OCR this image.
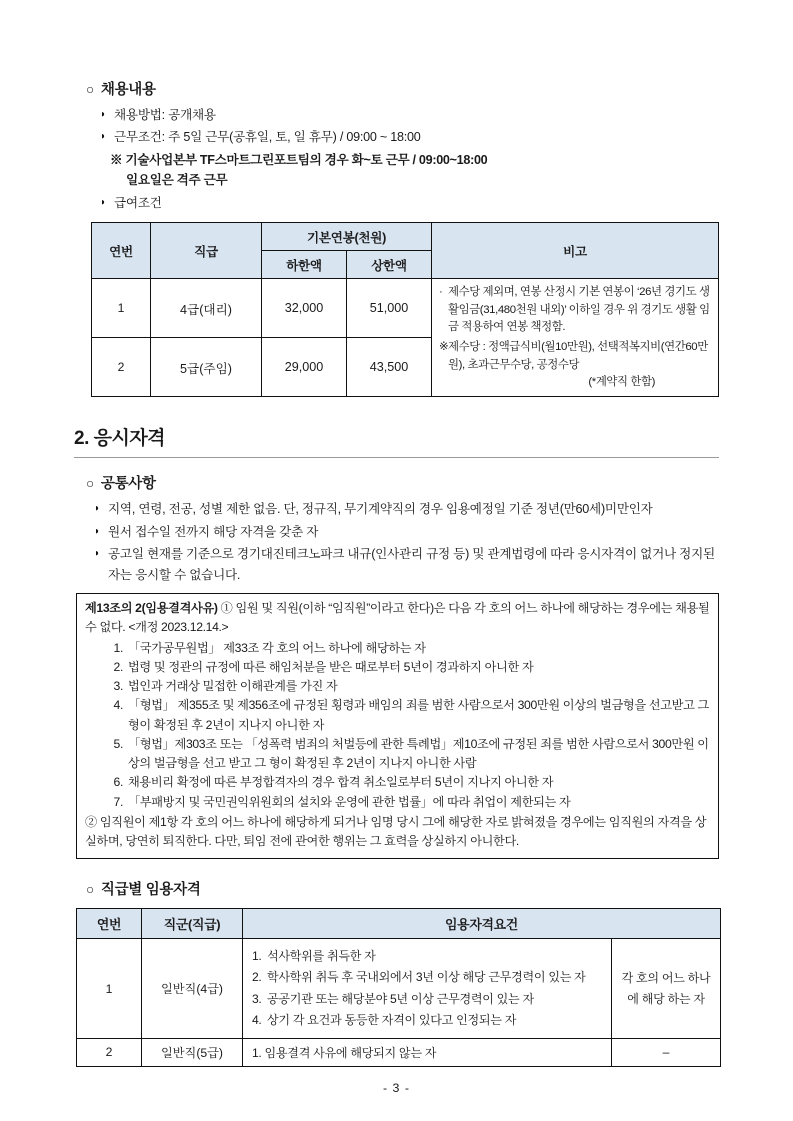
○ 채용내용
◗ 채용방법: 공개채용
◗ 근무조건: 주 5일 근무(공휴일, 토, 일 휴무) / 09:00 ~ 18:00
※ 기술사업본부 TF스마트그린포트팀의 경우 화~토 근무 / 09:00~18:00
일요일은 격주 근무
◗ 급여조건
연번	직급	기본연봉(천원)		비고
		하한액	상한액	
1	4급(대리)	32,000	51,000	· 제수당 제외며, 연봉 산정시 기본 연봉이 ‘26년 경기도 생활임금(31,480천원 내외)’ 이하일 경우 위 경기도 생활 임금 적용하여 연봉 책정함.
※ 제수당 : 정액급식비(월10만원), 선택적복지비(연간60만원), 초과근무수당, 공정수당
(*계약직 한함)

2	5급(주임)	29,000	43,500	
2. 응시자격
○ 공통사항
◗ 지역, 연령, 전공, 성별 제한 없음. 단, 정규직, 무기계약직의 경우 임용예정일 기준 정년(만60세)미만인자
◗ 원서 접수일 전까지 해당 자격을 갖춘 자
◗ 공고일 현재를 기준으로 경기대진테크노파크 내규(인사관리 규정 등) 및 관계법령에 따라 응시자격이 없거나 정지된 자는 응시할 수 없습니다.
제13조의 2(임용결격사유) ① 임원 및 직원(이하 “임직원”이라고 한다)은 다음 각 호의 어느 하나에 해당하는 경우에는 채용될 수 없다. <개정 2023.12.14.>
1. 「국가공무원법」 제33조 각 호의 어느 하나에 해당하는 자
2. 법령 및 정관의 규정에 따른 해임처분을 받은 때로부터 5년이 경과하지 아니한 자
3. 법인과 거래상 밀접한 이해관계를 가진 자
4. 「형법」 제355조 및 제356조에 규정된 횡령과 배임의 죄를 범한 사람으로서 300만원 이상의 벌금형을 선고받고 그 형이 확정된 후 2년이 지나지 아니한 자
5. 「형법」제303조 또는 「성폭력 범죄의 처벌등에 관한 특례법」제10조에 규정된 죄를 범한 사람으로서 300만원 이상의 벌금형을 선고 받고 그 형이 확정된 후 2년이 지나지 아니한 사람
6. 채용비리 확정에 따른 부정합격자의 경우 합격 취소일로부터 5년이 지나지 아니한 자
7. 「부패방지 및 국민권익위원회의 설치와 운영에 관한 법률」에 따라 취업이 제한되는 자
② 임직원이 제1항 각 호의 어느 하나에 해당하게 되거나 임명 당시 그에 해당한 자로 밝혀졌을 경우에는 임직원의 자격을 상실하며, 당연히 퇴직한다. 다만, 퇴임 전에 관여한 행위는 그 효력을 상실하지 아니한다.
○ 직급별 임용자격
연번	직군(직급)	임용자격요건	
1	일반직(4급)	
1. 석사학위를 취득한 자
2. 학사학위 취득 후 국내외에서 3년 이상 해당 근무경력이 있는 자
3. 공공기관 또는 해당분야 5년 이상 근무경력이 있는 자
4. 상기 각 요건과 동등한 자격이 있다고 인정되는 자
	각 호의 어느 하나에 해당 하는 자
2	일반직(5급)	1. 임용결격 사유에 해당되지 않는 자	–
- 3 -
